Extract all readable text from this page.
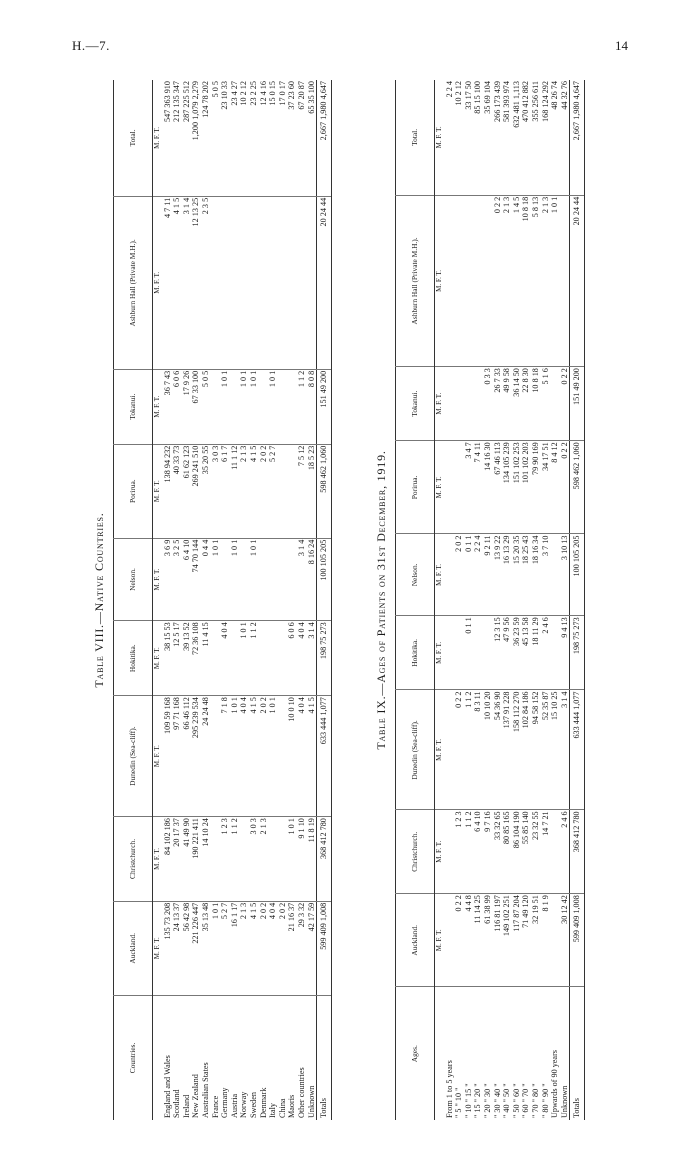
H.—7.	14
Table VIII.—Native Countries.
Countries.	Auckland.	Christchurch.	Dunedin (Sea-cliff).	Hokitika.	Nelson.	Porirua.	Tokanui.	Ashburn Hall (Private M.H.).	Total.
	M. F. T.	M. F. T.	M. F. T.	M. F. T.	M. F. T.	M. F. T.	M. F. T.	M. F. T.	M. F. T.
England and Wales	135 73 208	84 102 186	109 59 168	38 15 53	3 6 9	138 94 232	36 7 43	4 7 11	547 363 910
Scotland	24 13 37	20 17 37	97 71 168	12 5 17	3 2 5	40 33 73	6 0 6	4 1 5	212 135 347
Ireland	56 42 98	41 49 90	66 46 112	39 13 52	6 4 10	61 62 123	17 9 26	3 1 4	287 225 512
New Zealand	221 226 447	190 221 411	295 239 534	72 36 108	74 70 144	269 241 510	67 33 100	12 13 25	1,200 1,079 2,279
Australian States	35 13 48	14 10 24	24 24 48	11 4 15	0 4 4	35 20 55	5 0 5	2 3 5	124 78 202
France	1 0 1				1 0 1	3 0 3			5 0 5
Germany	5 2 7	1 2 3	7 1 8	4 0 4		6 1 7	1 0 1		23 10 33
Austria	16 1 17	1 1 2	1 0 1		1 0 1	11 1 12			23 4 27
Norway	2 1 3		4 0 4	1 0 1		2 1 3	1 0 1		10 2 12
Sweden	4 1 5	3 0 3	4 1 5	1 1 2	1 0 1	4 1 5	1 0 1		23 2 25
Denmark	2 0 2	2 1 3	2 0 2			2 0 2			12 4 16
Italy	4 0 4		1 0 1			5 2 7	1 0 1		15 0 15
China	2 0 2								17 0 17
Maoris	21 16 37	1 0 1	10 0 10	6 0 6					37 23 60
Other countries	29 3 32	9 1 10	4 0 4	4 0 4	3 1 4	7 5 12	1 1 2		67 20 87
Unknown	42 17 59	11 8 19	4 1 5	3 1 4	8 16 24	18 5 23	8 0 8		65 35 100
Totals	599 409 1,008	368 412 780	633 444 1,077	198 75 273	100 105 205	598 462 1,060	151 49 200	20 24 44	2,667 1,980 4,647
Table IX.—Ages of Patients on 31st December, 1919.
Ages.	Auckland.	Christchurch.	Dunedin (Sea-cliff).	Hokitika.	Nelson.	Porirua.	Tokanui.	Ashburn Hall (Private M.H.).	Total.
	M. F. T.	M. F. T.	M. F. T.	M. F. T.	M. F. T.	M. F. T.	M. F. T.	M. F. T.	M. F. T.
From 1 to 5 years									2 2 4
" 5 " 10 "	0 2 2	1 2 3	0 2 2		2 0 2				10 2 12
" 10 " 15 "	4 4 8	1 1 2	1 1 2	0 1 1	0 1 1	3 4 7			33 17 50
" 15 " 20 "	11 14 25	6 4 10	8 3 11		2 2 4	7 4 11			85 15 100
" 20 " 30 "	61 38 99	9 7 16	10 10 20		9 2 11	14 16 30	0 3 3		35 69 104
" 30 " 40 "	116 81 197	33 32 65	54 36 90	12 3 15	13 9 22	67 46 113	26 7 33	0 2 2	266 173 439
" 40 " 50 "	149 102 251	80 85 165	137 91 228	47 9 56	16 13 29	134 105 239	49 9 58	2 1 3	581 393 974
" 50 " 60 "	117 87 204	86 104 190	158 112 270	36 23 59	15 20 35	151 102 253	36 14 50	1 4 5	632 481 1,113
" 60 " 70 "	71 49 120	55 85 140	102 84 186	45 13 58	18 25 43	101 102 203	22 8 30	10 8 18	470 412 882
" 70 " 80 "	32 19 51	23 32 55	94 58 152	18 11 29	18 16 34	79 90 169	10 8 18	5 8 13	355 256 611
" 80 " 90 "	8 1 9	14 7 21	52 35 87	2 4 6	3 7 10	34 17 51	5 1 6	2 1 3	168 124 292
Upwards of 90 years			15 10 25			8 4 12		1 0 1	48 26 74
Unknown	30 12 42	2 4 6	3 1 4	9 4 13	3 10 13	0 2 2	0 2 2		44 32 76
Totals	599 409 1,008	368 412 780	633 444 1,077	198 75 273	100 105 205	598 462 1,060	151 49 200	20 24 44	2,667 1,980 4,647
